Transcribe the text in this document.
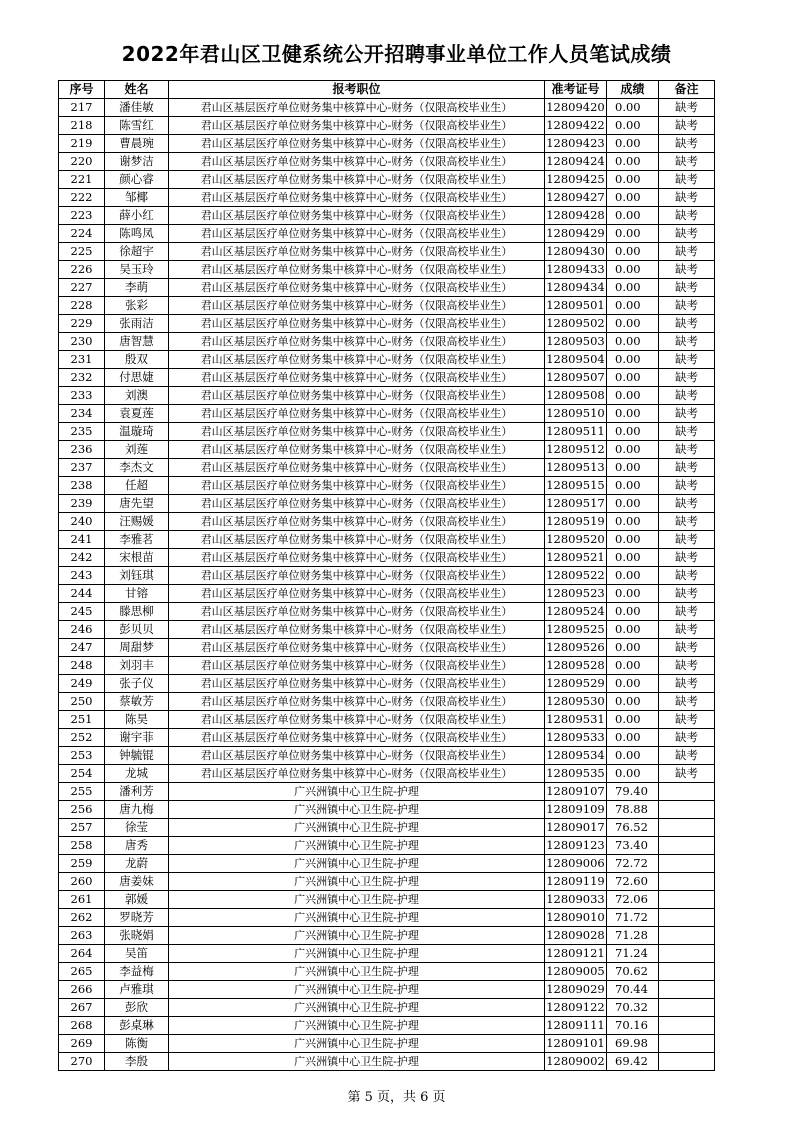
2022年君山区卫健系统公开招聘事业单位工作人员笔试成绩
序号	姓名	报考职位	准考证号	成绩	备注
217	潘佳敏	君山区基层医疗单位财务集中核算中心-财务（仅限高校毕业生）	12809420	0.00	缺考
218	陈雪红	君山区基层医疗单位财务集中核算中心-财务（仅限高校毕业生）	12809422	0.00	缺考
219	曹晨琬	君山区基层医疗单位财务集中核算中心-财务（仅限高校毕业生）	12809423	0.00	缺考
220	谢梦洁	君山区基层医疗单位财务集中核算中心-财务（仅限高校毕业生）	12809424	0.00	缺考
221	颜心睿	君山区基层医疗单位财务集中核算中心-财务（仅限高校毕业生）	12809425	0.00	缺考
222	邹椰	君山区基层医疗单位财务集中核算中心-财务（仅限高校毕业生）	12809427	0.00	缺考
223	薛小红	君山区基层医疗单位财务集中核算中心-财务（仅限高校毕业生）	12809428	0.00	缺考
224	陈鸣凤	君山区基层医疗单位财务集中核算中心-财务（仅限高校毕业生）	12809429	0.00	缺考
225	徐超宇	君山区基层医疗单位财务集中核算中心-财务（仅限高校毕业生）	12809430	0.00	缺考
226	吴玉玲	君山区基层医疗单位财务集中核算中心-财务（仅限高校毕业生）	12809433	0.00	缺考
227	李萌	君山区基层医疗单位财务集中核算中心-财务（仅限高校毕业生）	12809434	0.00	缺考
228	张彩	君山区基层医疗单位财务集中核算中心-财务（仅限高校毕业生）	12809501	0.00	缺考
229	张雨洁	君山区基层医疗单位财务集中核算中心-财务（仅限高校毕业生）	12809502	0.00	缺考
230	唐智慧	君山区基层医疗单位财务集中核算中心-财务（仅限高校毕业生）	12809503	0.00	缺考
231	殷双	君山区基层医疗单位财务集中核算中心-财务（仅限高校毕业生）	12809504	0.00	缺考
232	付思婕	君山区基层医疗单位财务集中核算中心-财务（仅限高校毕业生）	12809507	0.00	缺考
233	刘澳	君山区基层医疗单位财务集中核算中心-财务（仅限高校毕业生）	12809508	0.00	缺考
234	袁夏莲	君山区基层医疗单位财务集中核算中心-财务（仅限高校毕业生）	12809510	0.00	缺考
235	温璇琦	君山区基层医疗单位财务集中核算中心-财务（仅限高校毕业生）	12809511	0.00	缺考
236	刘莲	君山区基层医疗单位财务集中核算中心-财务（仅限高校毕业生）	12809512	0.00	缺考
237	李杰文	君山区基层医疗单位财务集中核算中心-财务（仅限高校毕业生）	12809513	0.00	缺考
238	任超	君山区基层医疗单位财务集中核算中心-财务（仅限高校毕业生）	12809515	0.00	缺考
239	唐先望	君山区基层医疗单位财务集中核算中心-财务（仅限高校毕业生）	12809517	0.00	缺考
240	汪赐媛	君山区基层医疗单位财务集中核算中心-财务（仅限高校毕业生）	12809519	0.00	缺考
241	李雅茗	君山区基层医疗单位财务集中核算中心-财务（仅限高校毕业生）	12809520	0.00	缺考
242	宋根苗	君山区基层医疗单位财务集中核算中心-财务（仅限高校毕业生）	12809521	0.00	缺考
243	刘钰琪	君山区基层医疗单位财务集中核算中心-财务（仅限高校毕业生）	12809522	0.00	缺考
244	甘镕	君山区基层医疗单位财务集中核算中心-财务（仅限高校毕业生）	12809523	0.00	缺考
245	滕思柳	君山区基层医疗单位财务集中核算中心-财务（仅限高校毕业生）	12809524	0.00	缺考
246	彭贝贝	君山区基层医疗单位财务集中核算中心-财务（仅限高校毕业生）	12809525	0.00	缺考
247	周甜梦	君山区基层医疗单位财务集中核算中心-财务（仅限高校毕业生）	12809526	0.00	缺考
248	刘羽丰	君山区基层医疗单位财务集中核算中心-财务（仅限高校毕业生）	12809528	0.00	缺考
249	张子仪	君山区基层医疗单位财务集中核算中心-财务（仅限高校毕业生）	12809529	0.00	缺考
250	蔡敏芳	君山区基层医疗单位财务集中核算中心-财务（仅限高校毕业生）	12809530	0.00	缺考
251	陈昊	君山区基层医疗单位财务集中核算中心-财务（仅限高校毕业生）	12809531	0.00	缺考
252	谢宇菲	君山区基层医疗单位财务集中核算中心-财务（仅限高校毕业生）	12809533	0.00	缺考
253	钟毓锟	君山区基层医疗单位财务集中核算中心-财务（仅限高校毕业生）	12809534	0.00	缺考
254	龙城	君山区基层医疗单位财务集中核算中心-财务（仅限高校毕业生）	12809535	0.00	缺考
255	潘利芳	广兴洲镇中心卫生院-护理	12809107	79.40	
256	唐九梅	广兴洲镇中心卫生院-护理	12809109	78.88	
257	徐莹	广兴洲镇中心卫生院-护理	12809017	76.52	
258	唐秀	广兴洲镇中心卫生院-护理	12809123	73.40	
259	龙蔚	广兴洲镇中心卫生院-护理	12809006	72.72	
260	唐姜妹	广兴洲镇中心卫生院-护理	12809119	72.60	
261	郭媛	广兴洲镇中心卫生院-护理	12809033	72.06	
262	罗晓芳	广兴洲镇中心卫生院-护理	12809010	71.72	
263	张晓娟	广兴洲镇中心卫生院-护理	12809028	71.28	
264	吴笛	广兴洲镇中心卫生院-护理	12809121	71.24	
265	李益梅	广兴洲镇中心卫生院-护理	12809005	70.62	
266	卢雅琪	广兴洲镇中心卫生院-护理	12809029	70.44	
267	彭欣	广兴洲镇中心卫生院-护理	12809122	70.32	
268	彭桌琳	广兴洲镇中心卫生院-护理	12809111	70.16	
269	陈衡	广兴洲镇中心卫生院-护理	12809101	69.98	
270	李殷	广兴洲镇中心卫生院-护理	12809002	69.42	
第 5 页，共 6 页
